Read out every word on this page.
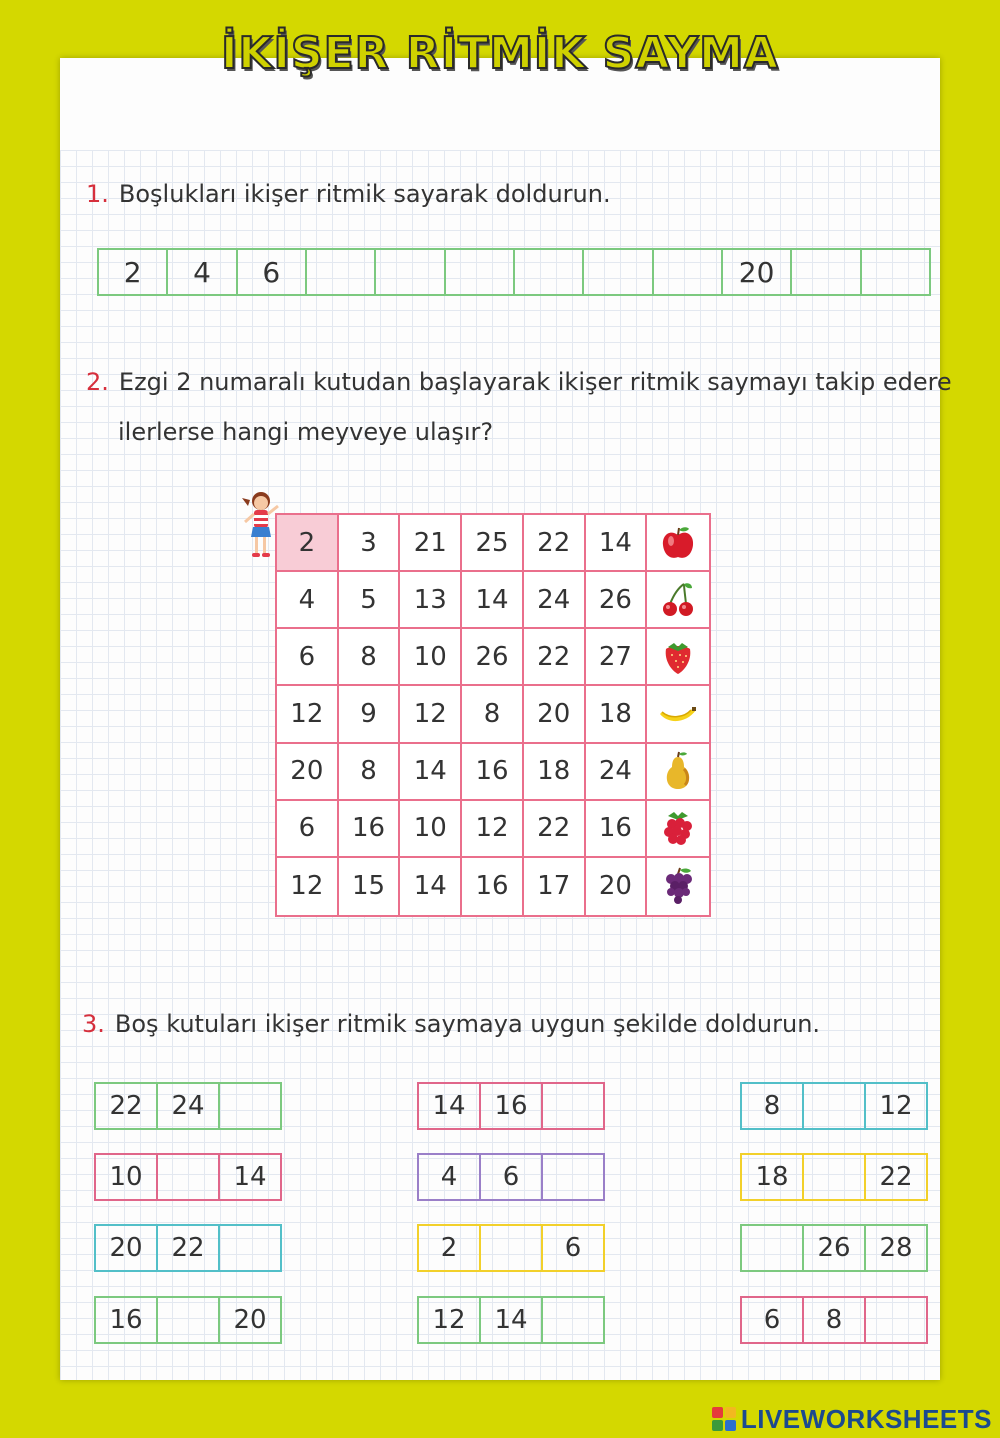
İKİŞER RİTMİK SAYMA
1. Boşlukları ikişer ritmik sayarak doldurun.
2	4	6	20
2. Ezgi 2 numaralı kutudan başlayarak ikişer ritmik saymayı takip edere
ilerlerse hangi meyveye ulaşır?
2	3	21	25	22	14
4	5	13	14	24	26
6	8	10	26	22	27
12	9	12	8	20	18
20	8	14	16	18	24
6	16	10	12	22	16
12	15	14	16	17	20
3. Boş kutuları ikişer ritmik saymaya uygun şekilde doldurun.
22	24
10	14
20	22
16	20
14	16
4	6
2	6
12	14
8	12
18	22
26	28
6	8
LIVEWORKSHEETS
